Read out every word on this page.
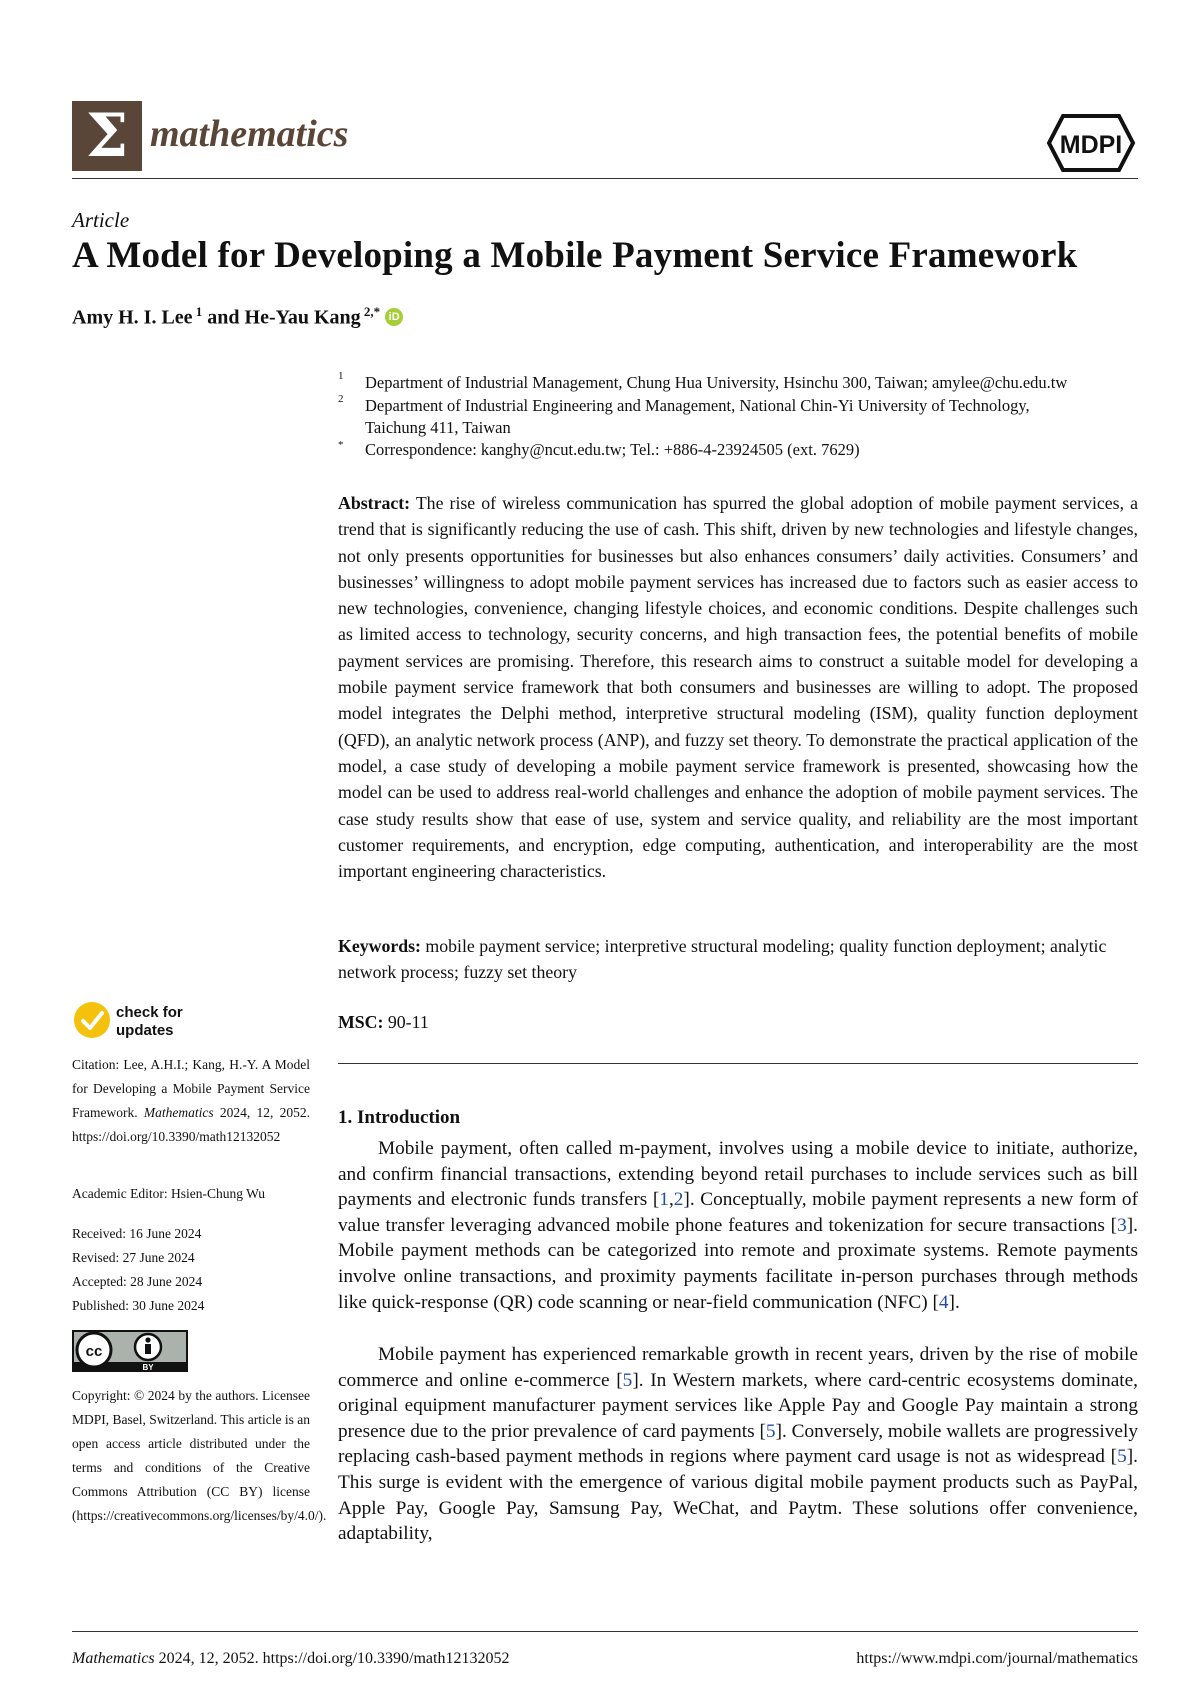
Σ mathematics	MDPI
Article
A Model for Developing a Mobile Payment Service Framework
Amy H. I. Lee $^1$ and He-Yau Kang $^{2,*}$ iD
1 Department of Industrial Management, Chung Hua University, Hsinchu 300, Taiwan; amylee@chu.edu.tw
2 Department of Industrial Engineering and Management, National Chin-Yi University of Technology,
Taichung 411, Taiwan
* Correspondence: kanghy@ncut.edu.tw; Tel.: +886-4-23924505 (ext. 7629)
Abstract: The rise of wireless communication has spurred the global adoption of mobile payment services, a trend that is significantly reducing the use of cash. This shift, driven by new technologies and lifestyle changes, not only presents opportunities for businesses but also enhances consumers’ daily activities. Consumers’ and businesses’ willingness to adopt mobile payment services has increased due to factors such as easier access to new technologies, convenience, changing lifestyle choices, and economic conditions. Despite challenges such as limited access to technology, security concerns, and high transaction fees, the potential benefits of mobile payment services are promising. Therefore, this research aims to construct a suitable model for developing a mobile payment service framework that both consumers and businesses are willing to adopt. The proposed model integrates the Delphi method, interpretive structural modeling (ISM), quality function deployment (QFD), an analytic network process (ANP), and fuzzy set theory. To demonstrate the practical application of the model, a case study of developing a mobile payment service framework is presented, showcasing how the model can be used to address real-world challenges and enhance the adoption of mobile payment services. The case study results show that ease of use, system and service quality, and reliability are the most important customer requirements, and encryption, edge computing, authentication, and interoperability are the most important engineering characteristics.
Keywords: mobile payment service; interpretive structural modeling; quality function deployment; analytic network process; fuzzy set theory
MSC: 90-11
1. Introduction

Mobile payment, often called m-payment, involves using a mobile device to initiate, authorize, and confirm financial transactions, extending beyond retail purchases to include services such as bill payments and electronic funds transfers [1,2]. Conceptually, mobile payment represents a new form of value transfer leveraging advanced mobile phone features and tokenization for secure transactions [3]. Mobile payment methods can be categorized into remote and proximate systems. Remote payments involve online transactions, and proximity payments facilitate in-person purchases through methods like quick-response (QR) code scanning or near-field communication (NFC) [4].

Mobile payment has experienced remarkable growth in recent years, driven by the rise of mobile commerce and online e-commerce [5]. In Western markets, where card-centric ecosystems dominate, original equipment manufacturer payment services like Apple Pay and Google Pay maintain a strong presence due to the prior prevalence of card payments [5]. Conversely, mobile wallets are progressively replacing cash-based payment methods in regions where payment card usage is not as widespread [5]. This surge is evident with the emergence of various digital mobile payment products such as PayPal, Apple Pay, Google Pay, Samsung Pay, WeChat, and Paytm. These solutions offer convenience, adaptability,

check for
updates
Citation: Lee, A.H.I.; Kang, H.-Y. A Model for Developing a Mobile Payment Service Framework. Mathematics 2024, 12, 2052. https://doi.org/10.3390/math12132052
Academic Editor: Hsien-Chung Wu
Received: 16 June 2024
Revised: 27 June 2024
Accepted: 28 June 2024
Published: 30 June 2024
cc
BY
Copyright: © 2024 by the authors. Licensee MDPI, Basel, Switzerland. This article is an open access article distributed under the terms and conditions of the Creative Commons Attribution (CC BY) license (https://creativecommons.org/licenses/by/4.0/).
Mathematics 2024, 12, 2052. https://doi.org/10.3390/math12132052	https://www.mdpi.com/journal/mathematics
